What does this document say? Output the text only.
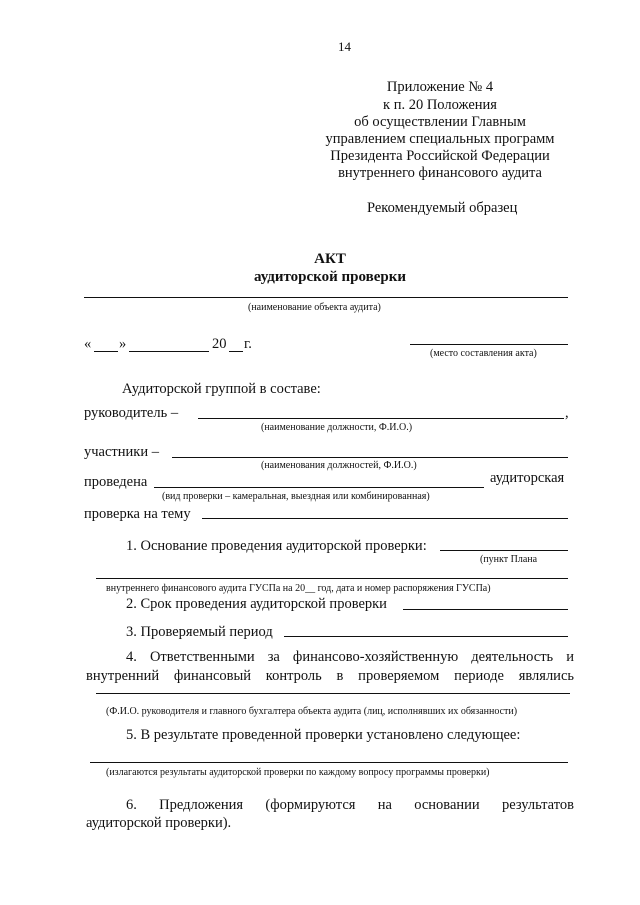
14
Приложение № 4
к п. 20 Положения
об осуществлении Главным
управлением специальных программ
Президента Российской Федерации
внутреннего финансового аудита
Рекомендуемый образец
АКТ
аудиторской проверки
(наименование объекта аудита)
« »	20 г.
(место составления акта)
Аудиторской группой в составе:
руководитель –	,
(наименование должности, Ф.И.О.)
участники –
(наименования должностей, Ф.И.О.)
проведена	аудиторская
(вид проверки – камеральная, выездная или комбинированная)
проверка на тему
1. Основание проведения аудиторской проверки:
(пункт Плана
внутреннего финансового аудита ГУСПа на 20__ год, дата и номер распоряжения ГУСПа)
2. Срок проведения аудиторской проверки
3. Проверяемый период
4. Ответственными за финансово-хозяйственную деятельность и
внутренний финансовый контроль в проверяемом периоде являлись
(Ф.И.О. руководителя и главного бухгалтера объекта аудита (лиц, исполнявших их обязанности)
5. В результате проведенной проверки установлено следующее:
(излагаются результаты аудиторской проверки по каждому вопросу программы проверки)
6. Предложения (формируются на основании результатов
аудиторской проверки).
